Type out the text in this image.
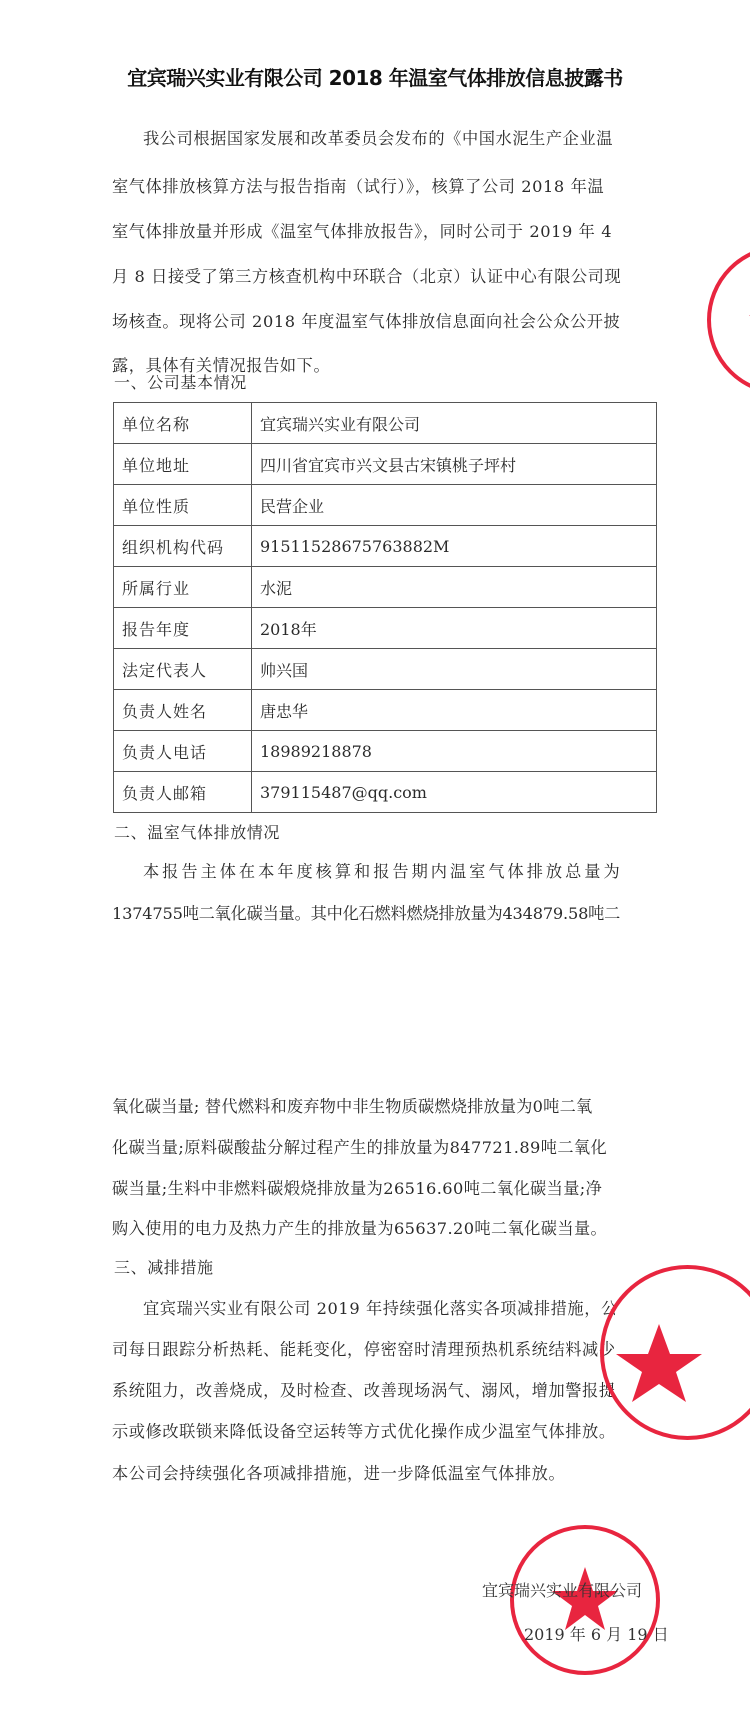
宜宾瑞兴实业有限公司 2018 年温室气体排放信息披露书
我公司根据国家发展和改革委员会发布的《中国水泥生产企业温
室气体排放核算方法与报告指南（试行）》，核算了公司 2018 年温
室气体排放量并形成《温室气体排放报告》，同时公司于 2019 年 4
月 8 日接受了第三方核查机构中环联合（北京）认证中心有限公司现
场核查。现将公司 2018 年度温室气体排放信息面向社会公众公开披
露，具体有关情况报告如下。
一、公司基本情况
单位名称	宜宾瑞兴实业有限公司
单位地址	四川省宜宾市兴文县古宋镇桃子坪村
单位性质	民营企业
组织机构代码	91511528675763882M
所属行业	水泥
报告年度	2018年
法定代表人	帅兴国
负责人姓名	唐忠华
负责人电话	18989218878
负责人邮箱	379115487@qq.com
二、温室气体排放情况
本报告主体在本年度核算和报告期内温室气体排放总量为
1374755吨二氧化碳当量。其中化石燃料燃烧排放量为434879.58吨二
氧化碳当量; 替代燃料和废弃物中非生物质碳燃烧排放量为0吨二氧
化碳当量;原料碳酸盐分解过程产生的排放量为847721.89吨二氧化
碳当量;生料中非燃料碳煅烧排放量为26516.60吨二氧化碳当量;净
购入使用的电力及热力产生的排放量为65637.20吨二氧化碳当量。
三、减排措施
宜宾瑞兴实业有限公司 2019 年持续强化落实各项减排措施，公
司每日跟踪分析热耗、能耗变化，停密窑时清理预热机系统结料减少
系统阻力，改善烧成，及时检查、改善现场涡气、溺风，增加警报提
示或修改联锁来降低设备空运转等方式优化操作成少温室气体排放。
本公司会持续强化各项减排措施，进一步降低温室气体排放。
宜宾瑞兴实业有限公司
2019 年 6 月 19 日
